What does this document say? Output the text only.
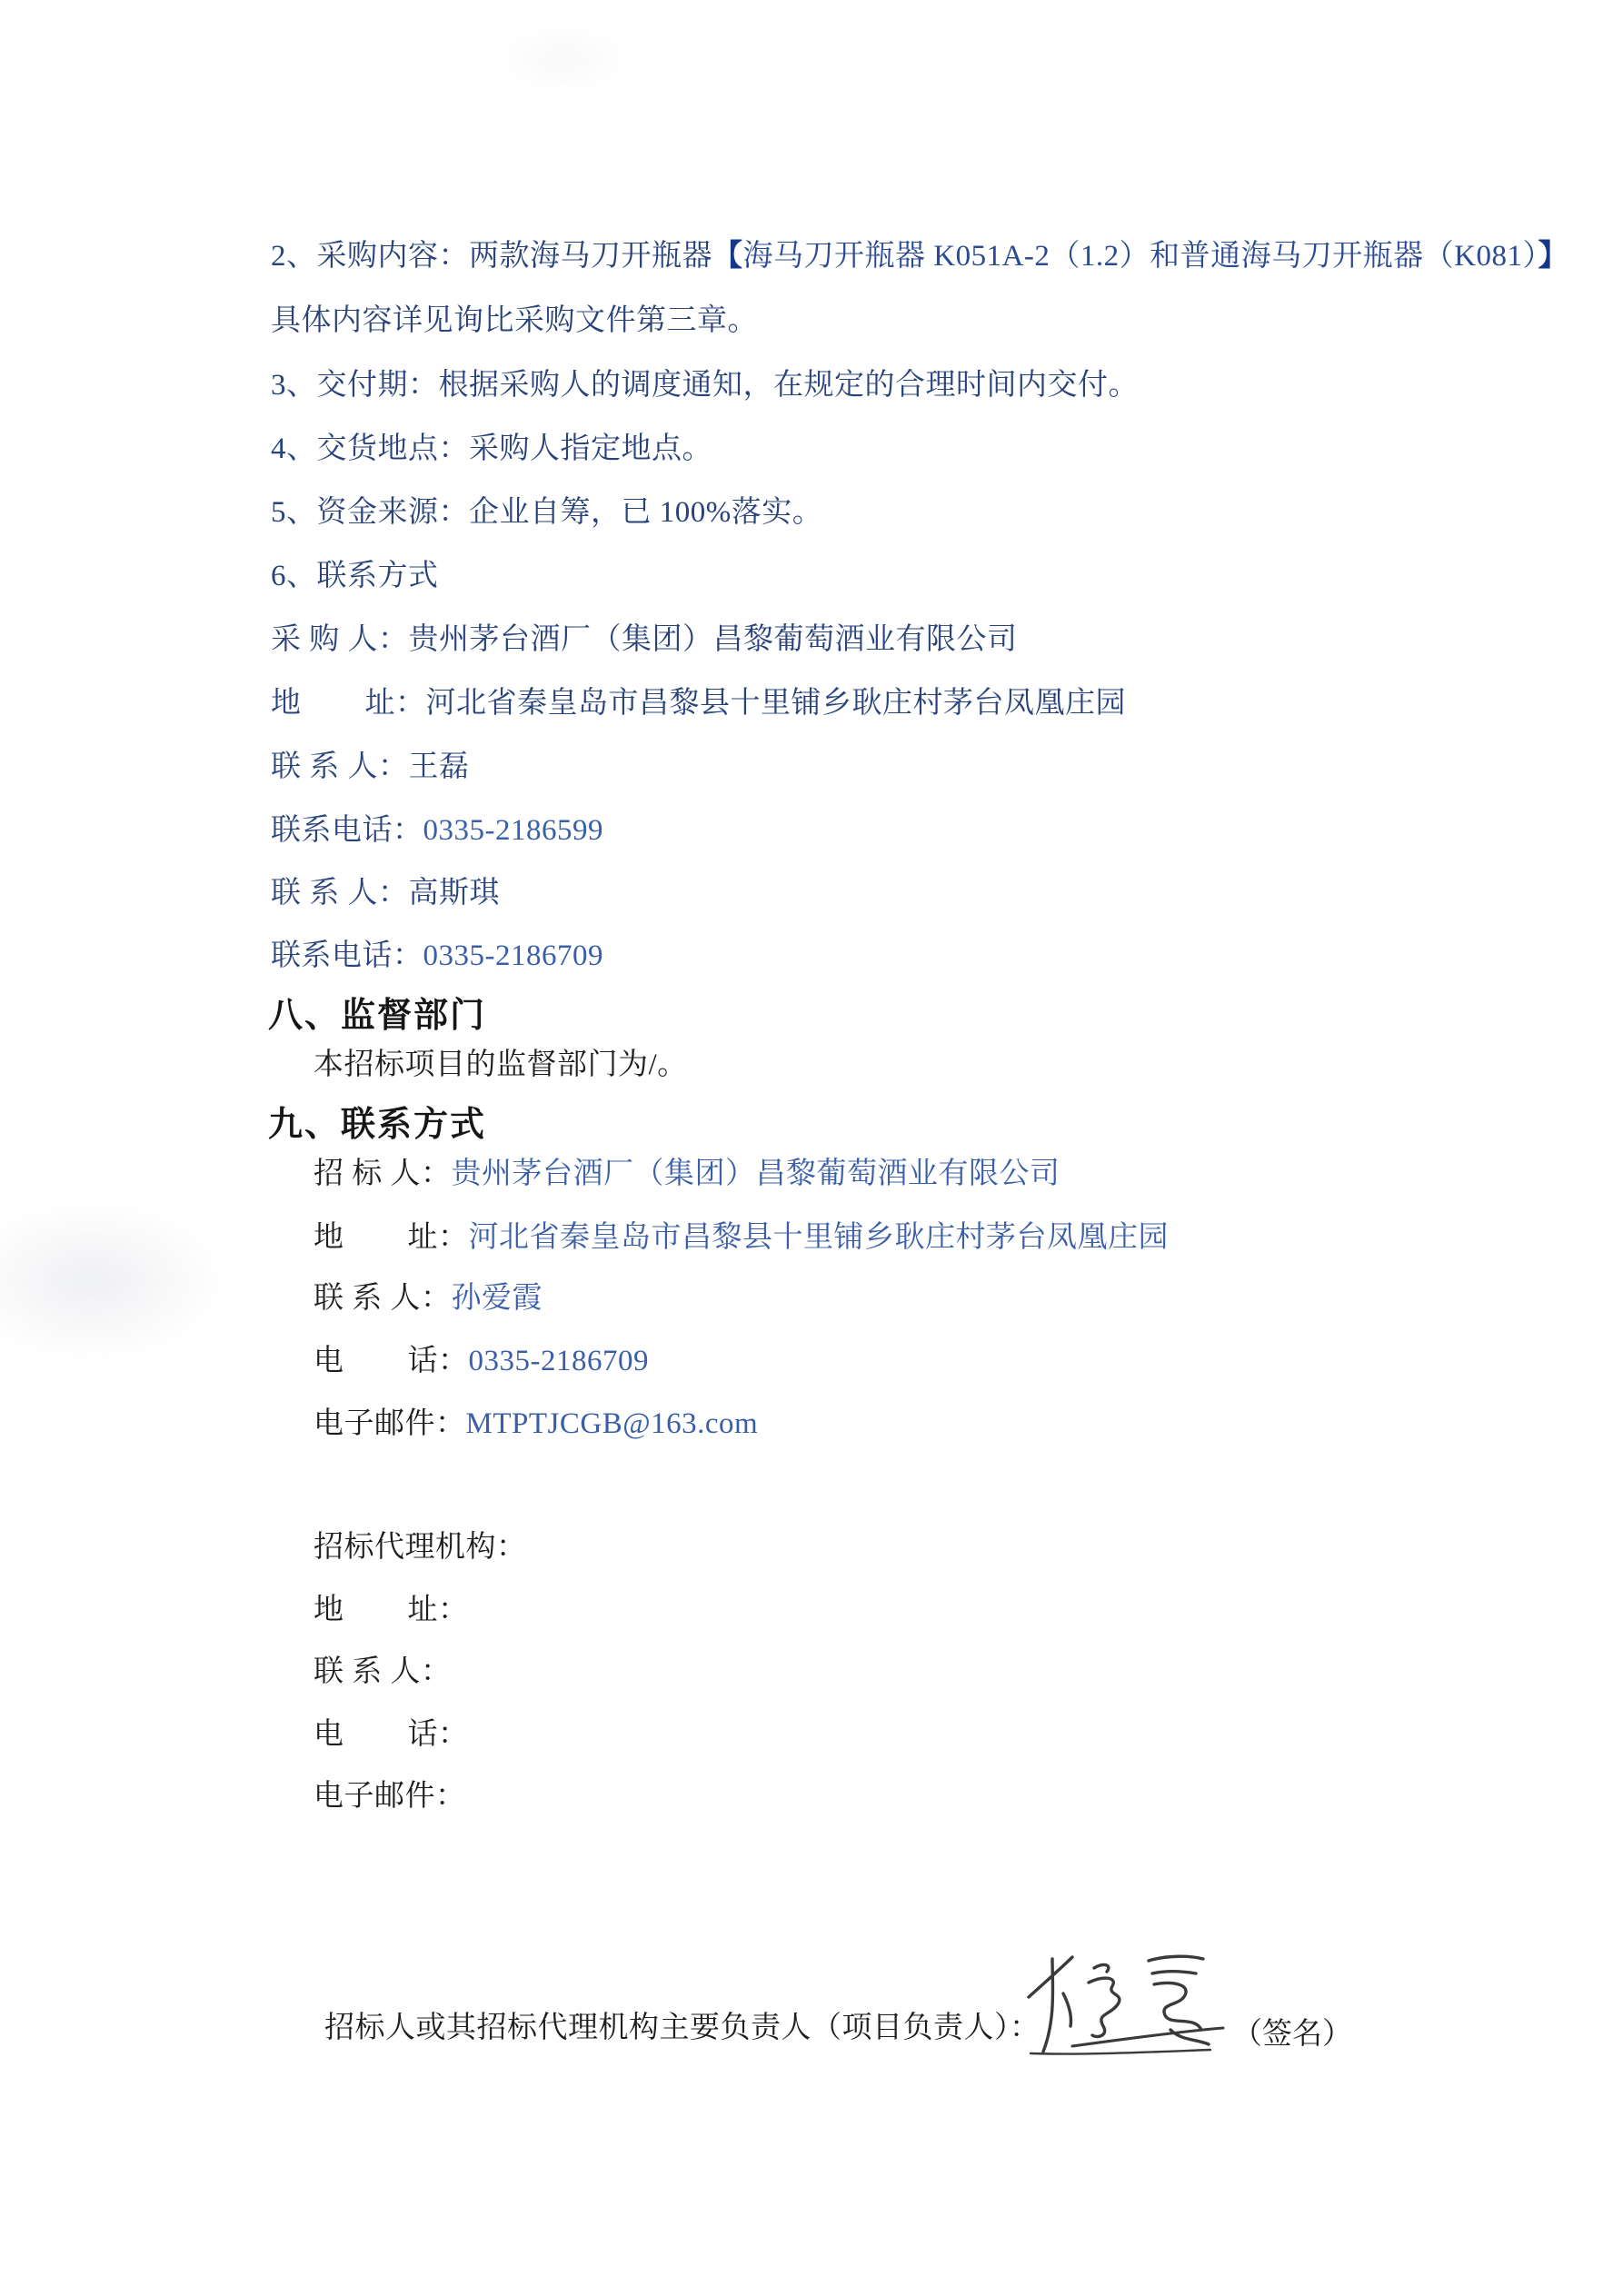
2、采购内容：两款海马刀开瓶器【海马刀开瓶器 K051A-2（1.2）和普通海马刀开瓶器（K081）】
具体内容详见询比采购文件第三章。
3、交付期：根据采购人的调度通知，在规定的合理时间内交付。
4、交货地点：采购人指定地点。
5、资金来源：企业自筹，已 100%落实。
6、联系方式
采 购 人：贵州茅台酒厂（集团）昌黎葡萄酒业有限公司
地        址：河北省秦皇岛市昌黎县十里铺乡耿庄村茅台凤凰庄园
联 系 人：王磊
联系电话：0335-2186599
联 系 人：高斯琪
联系电话：0335-2186709
八、监督部门
本招标项目的监督部门为/。
九、联系方式
招 标 人：贵州茅台酒厂（集团）昌黎葡萄酒业有限公司
地        址：河北省秦皇岛市昌黎县十里铺乡耿庄村茅台凤凰庄园
联 系 人：孙爱霞
电        话：0335-2186709
电子邮件：MTPTJCGB@163.com
招标代理机构：
地        址：
联 系 人：
电        话：
电子邮件：
招标人或其招标代理机构主要负责人（项目负责人）：	（签名）
